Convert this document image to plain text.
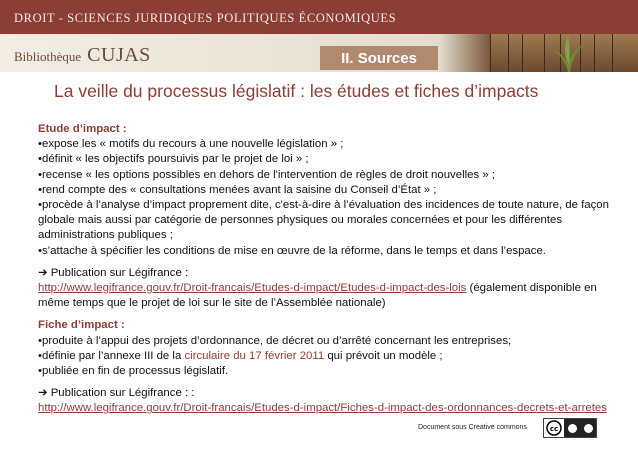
DROIT - SCIENCES JURIDIQUES POLITIQUES ÉCONOMIQUES
Bibliothèque CUJAS	II. Sources
La veille du processus législatif : les études et fiches d’impacts

Etude d’impact :

•expose les « motifs du recours à une nouvelle législation » ;

•définit « les objectifs poursuivis par le projet de loi » ;

•recense « les options possibles en dehors de l'intervention de règles de droit nouvelles » ;

•rend compte des « consultations menées avant la saisine du Conseil d’État » ;

•procède à l’analyse d’impact proprement dite, c'est-à-dire à l’évaluation des incidences de toute nature, de façon globale mais aussi par catégorie de personnes physiques ou morales concernées et pour les différentes administrations publiques ;

•s’attache à spécifier les conditions de mise en œuvre de la réforme, dans le temps et dans l’espace.

➔ Publication sur Légifrance :

http://www.legifrance.gouv.fr/Droit-francais/Etudes-d-impact/Etudes-d-impact-des-lois (également disponible en même temps que le projet de loi sur le site de l’Assemblée nationale)

Fiche d’impact :

•produite à l’appui des projets d’ordonnance, de décret ou d’arrêté concernant les entreprises;

•définie par l’annexe III de la circulaire du 17 février 2011 qui prévoit un modèle ;

•publiée en fin de processus législatif.

➔ Publication sur Légifrance : :

http://www.legifrance.gouv.fr/Droit-francais/Etudes-d-impact/Fiches-d-impact-des-ordonnances-decrets-et-arretes

Document sous Creative commons	cc
